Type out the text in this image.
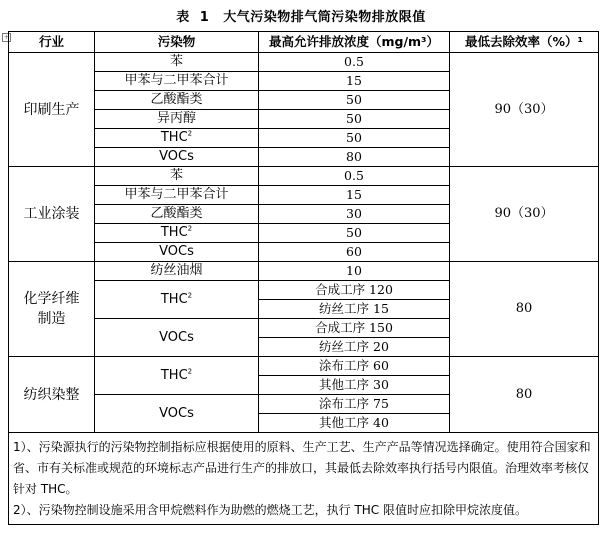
表 1 大气污染物排气筒污染物排放限值
+ 行业	污染物	最高允许排放浓度（mg/m³）	最低去除效率（%）¹
印刷生产	苯	0.5	90（30）
	甲苯与二甲苯合计	15	
	乙酸酯类	50	
	异丙醇	50	
	THC$^2$	50	
	VOCs	80	
工业涂装	苯	0.5	90（30）
	甲苯与二甲苯合计	15	
	乙酸酯类	30	
	THC$^2$	50	
	VOCs	60	

化学纤维
制造	纺丝油烟	10	80
	THC$^2$	合成工序 120	
		纺丝工序 15	
	VOCs	合成工序 150	
		纺丝工序 20	
纺织染整	THC$^2$	涂布工序 60	80
		其他工序 30	
	VOCs	涂布工序 75	
		其他工序 40	

1）、污染源执行的污染物控制指标应根据使用的原料、生产工艺、生产产品等情况选择确定。使用符合国家和省、市有关标准或规范的环境标志产品进行生产的排放口，其最低去除效率执行括号内限值。治理效率考核仅针对 THC。
2）、污染物控制设施采用含甲烷燃料作为助燃的燃烧工艺，执行 THC 限值时应扣除甲烷浓度值。			
